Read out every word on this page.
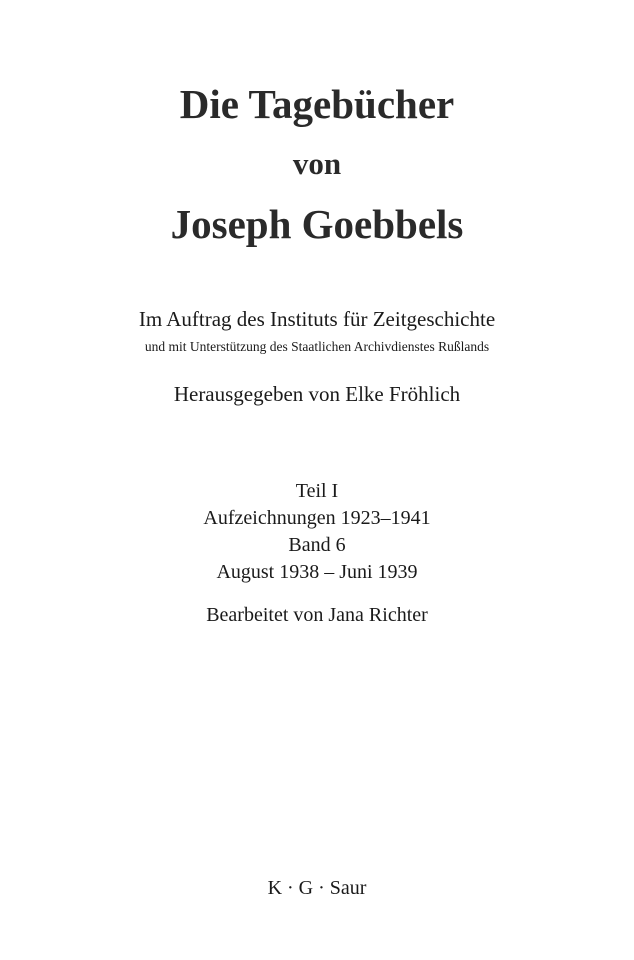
Die Tagebücher
von
Joseph Goebbels
Im Auftrag des Instituts für Zeitgeschichte
und mit Unterstützung des Staatlichen Archivdienstes Rußlands
Herausgegeben von Elke Fröhlich
Teil I
Aufzeichnungen 1923–1941
Band 6
August 1938 – Juni 1939
Bearbeitet von Jana Richter
K · G · Saur
